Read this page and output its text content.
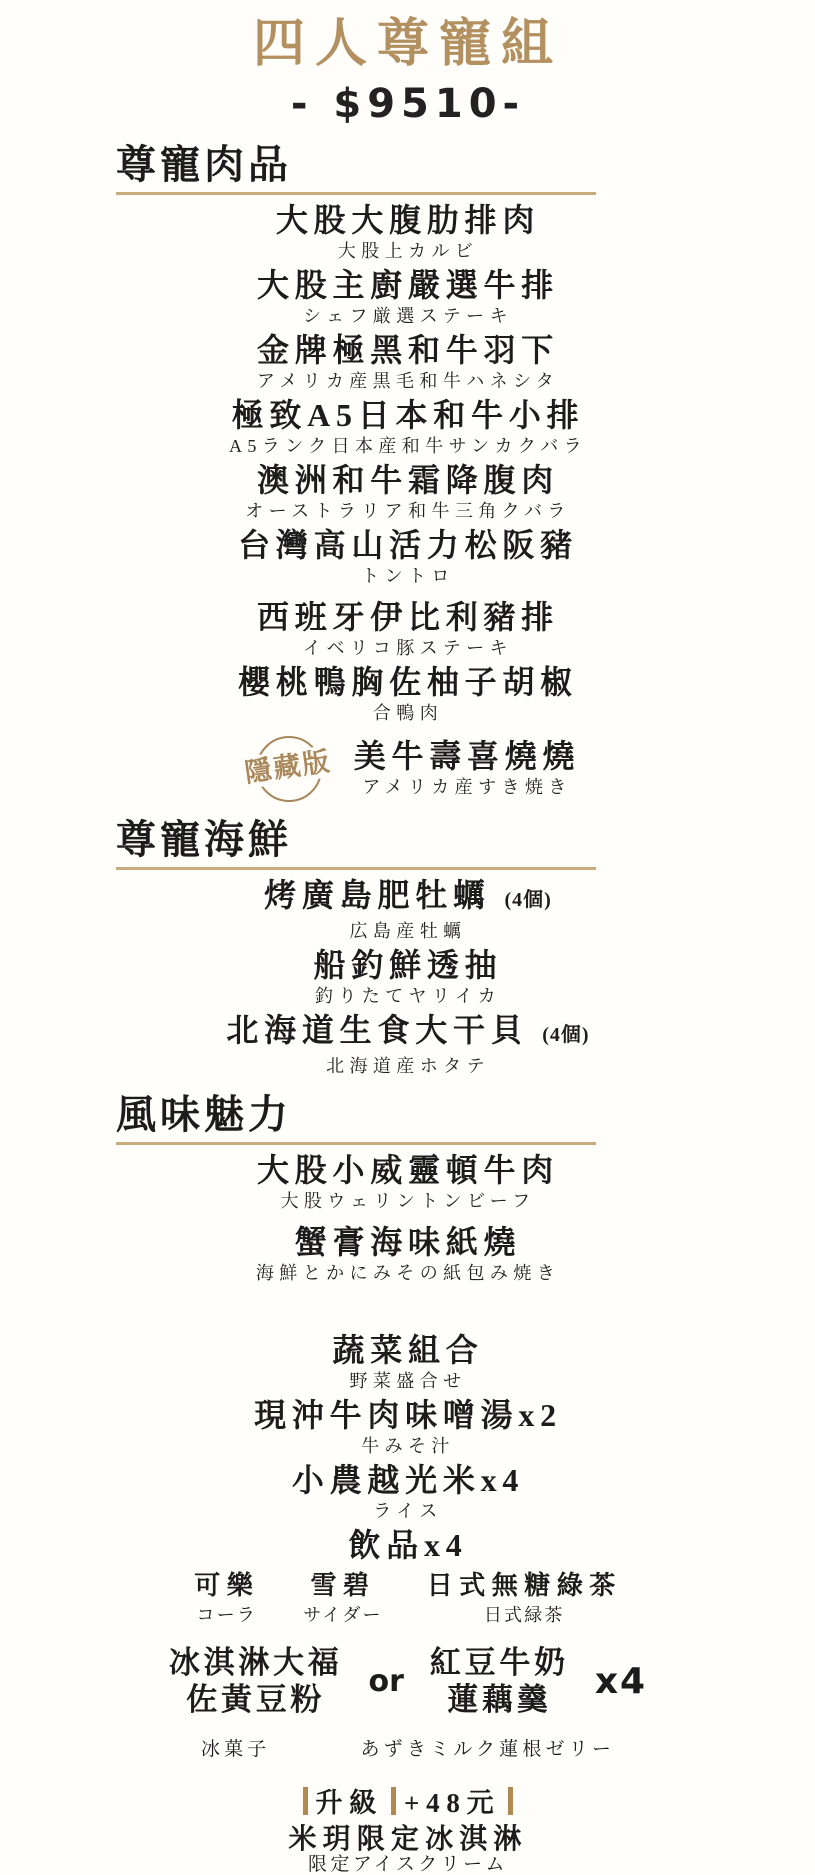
四人尊寵組
- $9510-
尊寵肉品
大股大腹肋排肉
大股上カルビ
大股主廚嚴選牛排
シェフ厳選ステーキ
金牌極黑和牛羽下
アメリカ産黒毛和牛ハネシタ
極致A5日本和牛小排
A5ランク日本産和牛サンカクバラ
澳洲和牛霜降腹肉
オーストラリア和牛三角クバラ
台灣高山活力松阪豬
トントロ
西班牙伊比利豬排
イベリコ豚ステーキ
櫻桃鴨胸佐柚子胡椒
合鴨肉
隱藏版 美牛壽喜燒燒
アメリカ産すき焼き
尊寵海鮮
烤廣島肥牡蠣 (4個)
広島産牡蠣
船釣鮮透抽
釣りたてヤリイカ
北海道生食大干貝 (4個)
北海道産ホタテ
風味魅力
大股小威靈頓牛肉
大股ウェリントンビーフ
蟹膏海味紙燒
海鮮とかにみその紙包み焼き
蔬菜組合
野菜盛合せ
現沖牛肉味噌湯x2
牛みそ汁
小農越光米x4
ライス
飲品x4
可樂
コーラ
雪碧
サイダー
日式無糖綠茶
日式緑茶
冰淇淋大福
佐黃豆粉
or
紅豆牛奶
蓮藕羹	x4
冰菓子	あずきミルク蓮根ゼリー
升級 +48元
米玥限定冰淇淋
限定アイスクリーム
